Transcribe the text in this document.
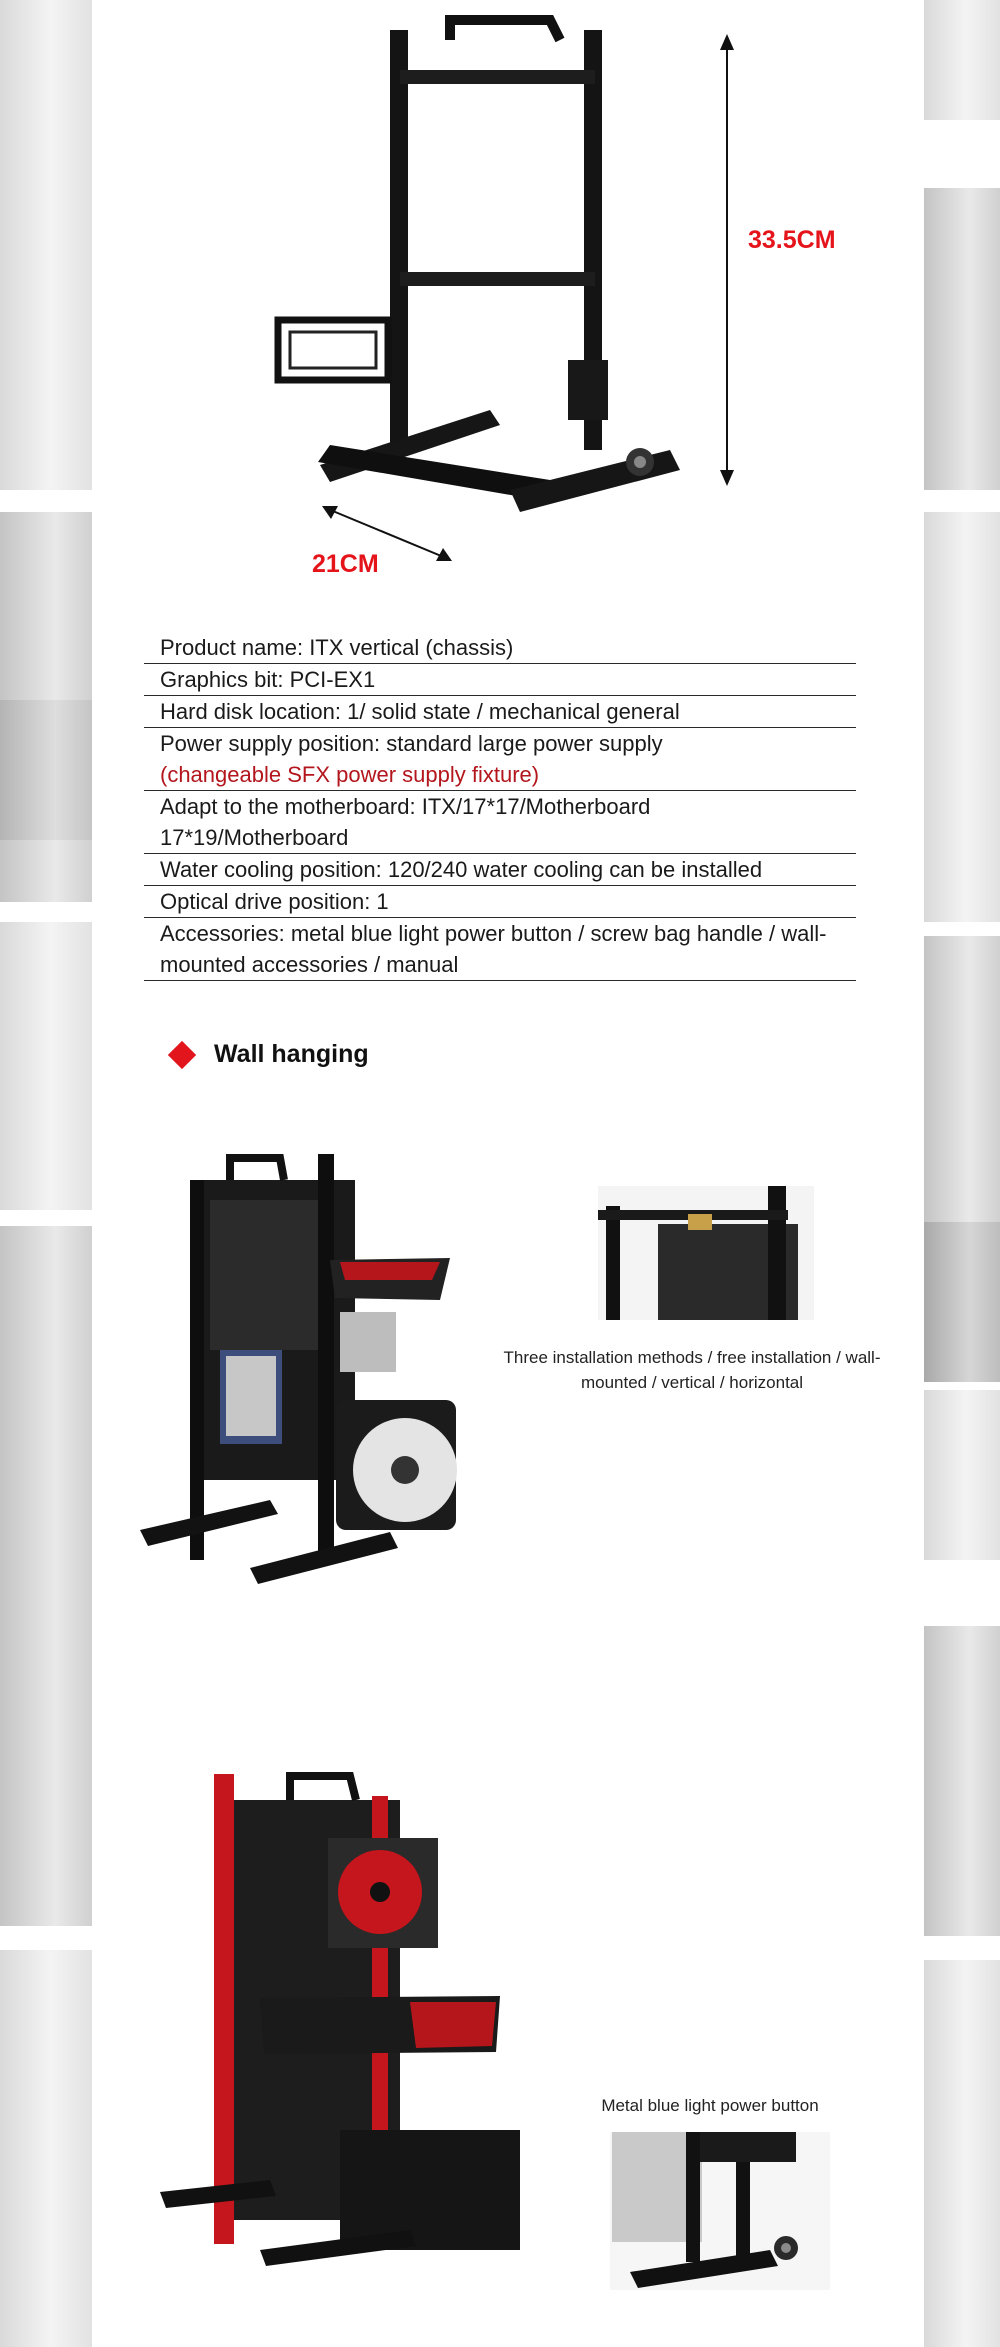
33.5CM
21CM
Product name: ITX vertical (chassis)
Graphics bit: PCI-EX1
Hard disk location: 1/ solid state / mechanical general
Power supply position: standard large power supply
(changeable SFX power supply fixture)
Adapt to the motherboard: ITX/17*17/Motherboard 17*19/Motherboard
Water cooling position: 120/240 water cooling can be installed
Optical drive position: 1
Accessories: metal blue light power button / screw bag handle / wall-mounted accessories / manual
Wall hanging
Three installation methods / free installation / wall-mounted / vertical / horizontal
Metal blue light power button
